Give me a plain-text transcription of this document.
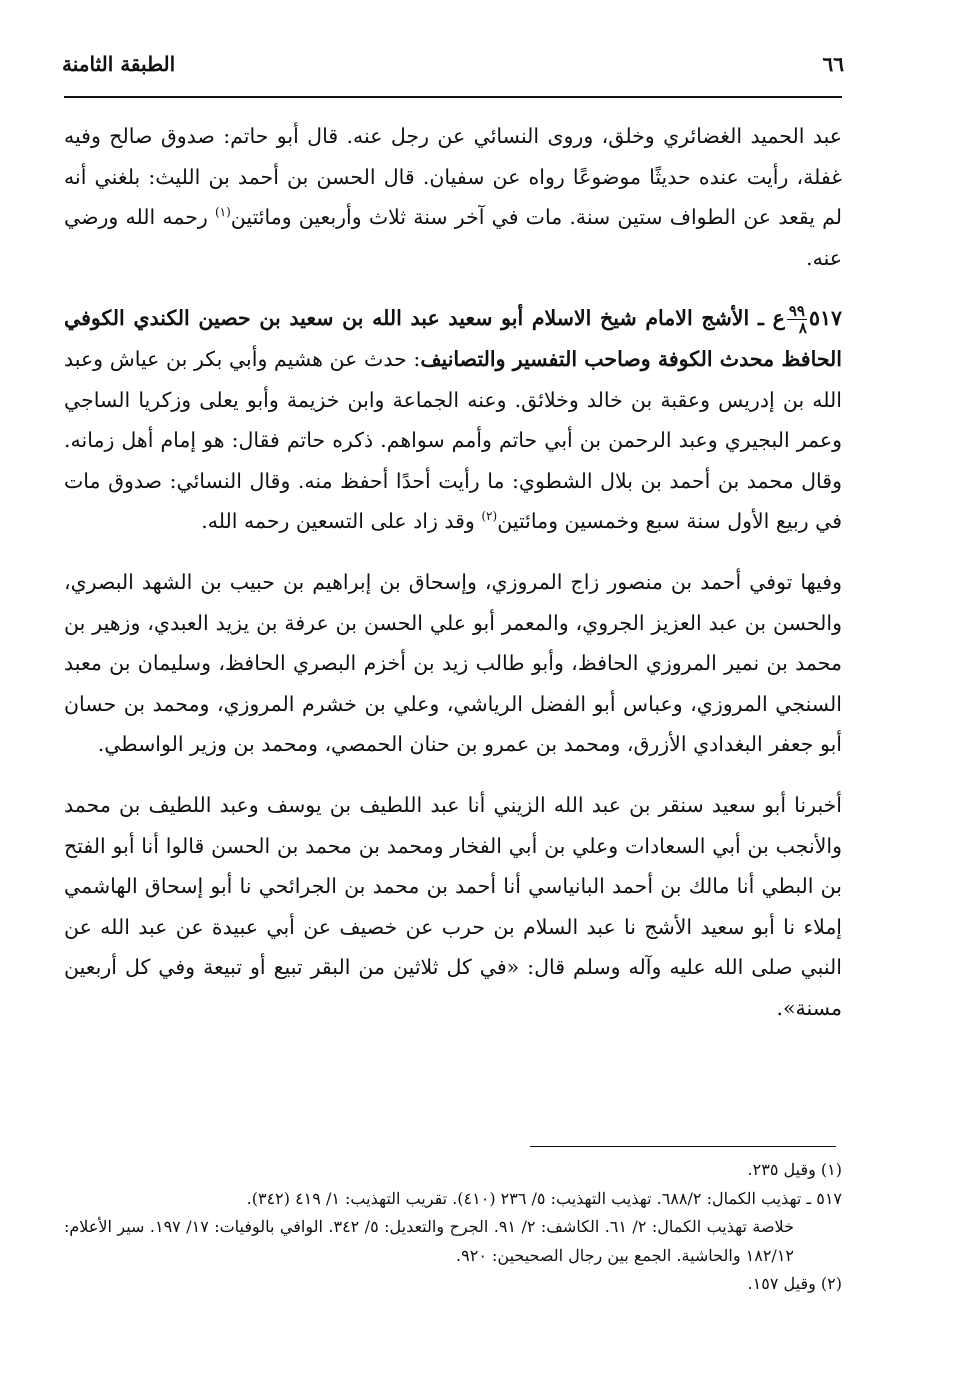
٦٦
الطبقة الثامنة

عبد الحميد الغضائري وخلق، وروى النسائي عن رجل عنه. قال أبو حاتم: صدوق صالح وفيه غفلة، رأيت عنده حديثًا موضوعًا رواه عن سفيان. قال الحسن بن أحمد بن الليث: بلغني أنه لم يقعد عن الطواف ستين سنة. مات في آخر سنة ثلاث وأربعين ومائتين$^{(١)}$ رحمه الله ورضي عنه.

٥١٧
$\frac{٩٩}{٨}$
ع ـ الأشج الامام شيخ الاسلام أبو سعيد عبد الله بن سعيد بن حصين الكندي الكوفي الحافظ محدث الكوفة وصاحب التفسير والتصانيف: حدث عن هشيم وأبي بكر بن عياش وعبد الله بن إدريس وعقبة بن خالد وخلائق. وعنه الجماعة وابن خزيمة وأبو يعلى وزكريا الساجي وعمر البجيري وعبد الرحمن بن أبي حاتم وأمم سواهم. ذكره حاتم فقال: هو إمام أهل زمانه. وقال محمد بن أحمد بن بلال الشطوي: ما رأيت أحدًا أحفظ منه. وقال النسائي: صدوق مات في ربيع الأول سنة سبع وخمسين ومائتين$^{(٢)}$ وقد زاد على التسعين رحمه الله.

وفيها توفي أحمد بن منصور زاج المروزي، وإسحاق بن إبراهيم بن حبيب بن الشهد البصري، والحسن بن عبد العزيز الجروي، والمعمر أبو علي الحسن بن عرفة بن يزيد العبدي، وزهير بن محمد بن نمير المروزي الحافظ، وأبو طالب زيد بن أخزم البصري الحافظ، وسليمان بن معبد السنجي المروزي، وعباس أبو الفضل الرياشي، وعلي بن خشرم المروزي، ومحمد بن حسان أبو جعفر البغدادي الأزرق، ومحمد بن عمرو بن حنان الحمصي، ومحمد بن وزير الواسطي.

أخبرنا أبو سعيد سنقر بن عبد الله الزيني أنا عبد اللطيف بن يوسف وعبد اللطيف بن محمد والأنجب بن أبي السعادات وعلي بن أبي الفخار ومحمد بن محمد بن الحسن قالوا أنا أبو الفتح بن البطي أنا مالك بن أحمد البانياسي أنا أحمد بن محمد بن الجرائحي نا أبو إسحاق الهاشمي إملاء نا أبو سعيد الأشج نا عبد السلام بن حرب عن خصيف عن أبي عبيدة عن عبد الله عن النبي صلى الله عليه وآله وسلم قال: «في كل ثلاثين من البقر تبيع أو تبيعة وفي كل أربعين مسنة».

(١) وقيل ٢٣٥.

٥١٧ ـ تهذيب الكمال: ٦٨٨/٢. تهذيب التهذيب: ٥/ ٢٣٦ (٤١٠). تقريب التهذيب: ١/ ٤١٩ (٣٤٢).

خلاصة تهذيب الكمال: ٢/ ٦١. الكاشف: ٢/ ٩١. الجرح والتعديل: ٥/ ٣٤٢. الوافي بالوفيات: ١٧/ ١٩٧. سير الأعلام: ١٨٢/١٢ والحاشية. الجمع بين رجال الصحيحين: ٩٢٠.

(٢) وقيل ١٥٧.
